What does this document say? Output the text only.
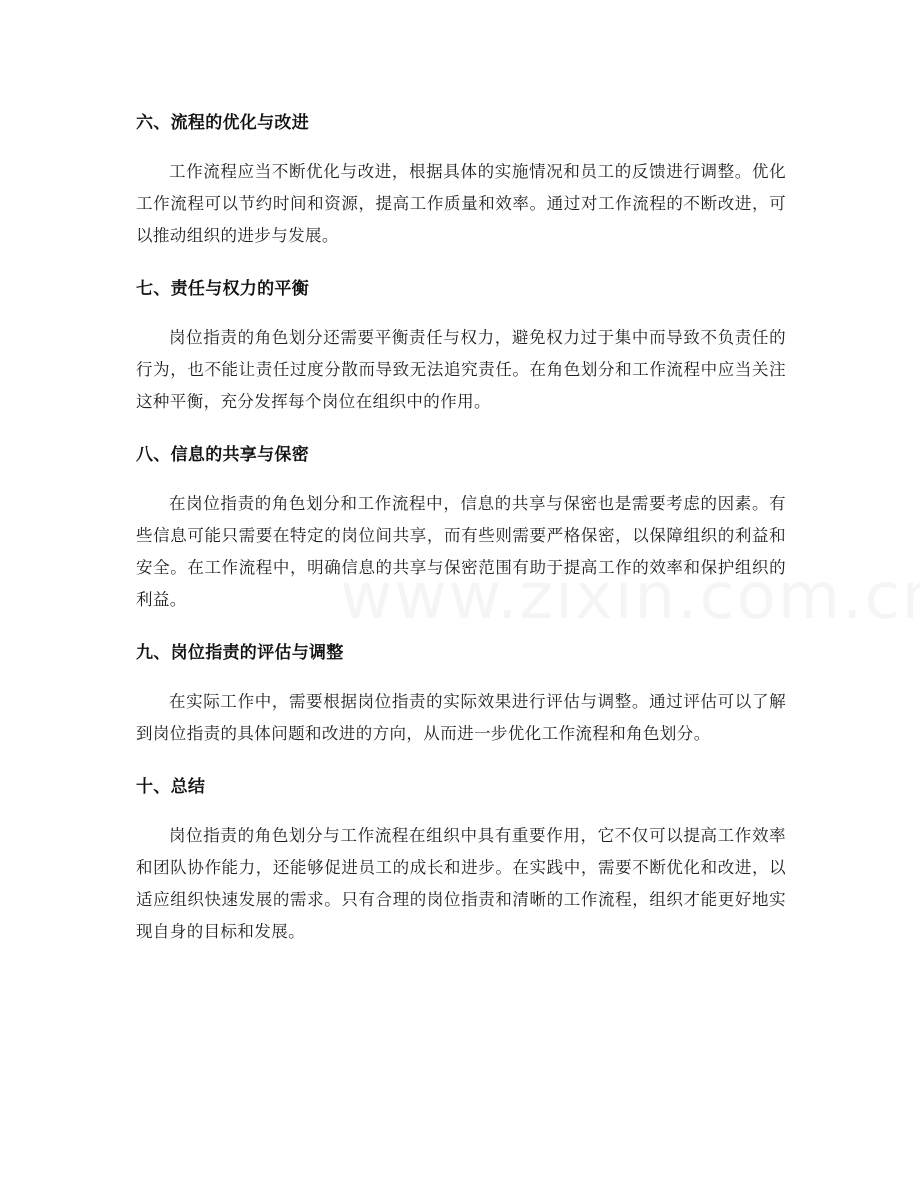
六、流程的优化与改进

工作流程应当不断优化与改进，根据具体的实施情况和员工的反馈进行调整。优化工作流程可以节约时间和资源，提高工作质量和效率。通过对工作流程的不断改进，可以推动组织的进步与发展。

七、责任与权力的平衡

岗位指责的角色划分还需要平衡责任与权力，避免权力过于集中而导致不负责任的行为，也不能让责任过度分散而导致无法追究责任。在角色划分和工作流程中应当关注这种平衡，充分发挥每个岗位在组织中的作用。

八、信息的共享与保密

在岗位指责的角色划分和工作流程中，信息的共享与保密也是需要考虑的因素。有些信息可能只需要在特定的岗位间共享，而有些则需要严格保密，以保障组织的利益和安全。在工作流程中，明确信息的共享与保密范围有助于提高工作的效率和保护组织的利益。

九、岗位指责的评估与调整

在实际工作中，需要根据岗位指责的实际效果进行评估与调整。通过评估可以了解到岗位指责的具体问题和改进的方向，从而进一步优化工作流程和角色划分。

十、总结

岗位指责的角色划分与工作流程在组织中具有重要作用，它不仅可以提高工作效率和团队协作能力，还能够促进员工的成长和进步。在实践中，需要不断优化和改进，以适应组织快速发展的需求。只有合理的岗位指责和清晰的工作流程，组织才能更好地实现自身的目标和发展。
